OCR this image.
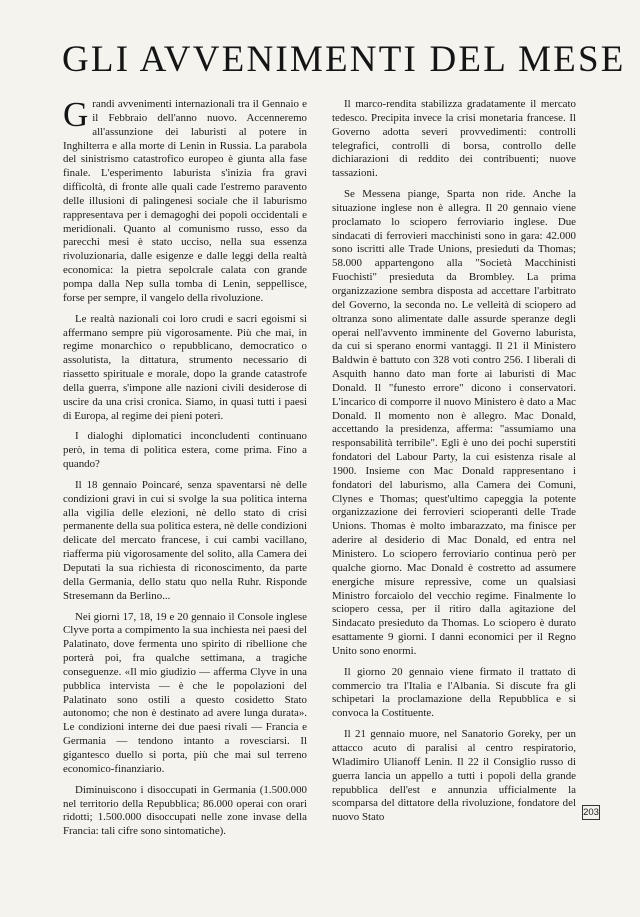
GLI AVVENIMENTI DEL MESE

Grandi avvenimenti internazionali tra il Gennaio e il Febbraio dell'anno nuovo. Accenneremo all'assunzione dei laburisti al potere in Inghilterra e alla morte di Lenin in Russia. La parabola del sinistrismo catastrofico europeo è giunta alla fase finale. L'esperimento laburista s'inizia fra gravi difficoltà, di fronte alle quali cade l'estremo paravento delle illusioni di palingenesi sociale che il laburismo rappresentava per i demagoghi dei popoli occidentali e meridionali. Quanto al comunismo russo, esso da parecchi mesi è stato ucciso, nella sua essenza rivoluzionaria, dalle esigenze e dalle leggi della realtà economica: la pietra sepolcrale calata con grande pompa dalla Nep sulla tomba di Lenin, seppellisce, forse per sempre, il vangelo della rivoluzione.

Le realtà nazionali coi loro crudi e sacri egoismi si affermano sempre più vigorosamente. Più che mai, in regime monarchico o repubblicano, democratico o assolutista, la dittatura, strumento necessario di riassetto spirituale e morale, dopo la grande catastrofe della guerra, s'impone alle nazioni civili desiderose di uscire da una crisi cronica. Siamo, in quasi tutti i paesi di Europa, al regime dei pieni poteri.

I dialoghi diplomatici inconcludenti continuano però, in tema di politica estera, come prima. Fino a quando?

Il 18 gennaio Poincaré, senza spaventarsi nè delle condizioni gravi in cui si svolge la sua politica interna alla vigilia delle elezioni, nè dello stato di crisi permanente della sua politica estera, nè delle condizioni delicate del mercato francese, i cui cambi vacillano, riafferma più vigorosamente del solito, alla Camera dei Deputati la sua richiesta di riconoscimento, da parte della Germania, dello statu quo nella Ruhr. Risponde Stresemann da Berlino...

Nei giorni 17, 18, 19 e 20 gennaio il Console inglese Clyve porta a compimento la sua inchiesta nei paesi del Palatinato, dove fermenta uno spirito di ribellione che porterà poi, fra qualche settimana, a tragiche conseguenze. «Il mio giudizio — afferma Clyve in una pubblica intervista — è che le popolazioni del Palatinato sono ostili a questo cosidetto Stato autonomo; che non è destinato ad avere lunga durata». Le condizioni interne dei due paesi rivali — Francia e Germania — tendono intanto a rovesciarsi. Il gigantesco duello si porta, più che mai sul terreno economico-finanziario.

Diminuiscono i disoccupati in Germania (1.500.000 nel territorio della Repubblica; 86.000 operai con orari ridotti; 1.500.000 disoccupati nelle zone invase della Francia: tali cifre sono sintomatiche).

Il marco-rendita stabilizza gradatamente il mercato tedesco. Precipita invece la crisi monetaria francese. Il Governo adotta severi provvedimenti: controlli telegrafici, controlli di borsa, controllo delle dichiarazioni di reddito dei contribuenti; nuove tassazioni.

Se Messena piange, Sparta non ride. Anche la situazione inglese non è allegra. Il 20 gennaio viene proclamato lo sciopero ferroviario inglese. Due sindacati di ferrovieri macchinisti sono in gara: 42.000 sono iscritti alle Trade Unions, presieduti da Thomas; 58.000 appartengono alla "Società Macchinisti Fuochisti" presieduta da Brombley. La prima organizzazione sembra disposta ad accettare l'arbitrato del Governo, la seconda no. Le velleità di sciopero ad oltranza sono alimentate dalle assurde speranze degli operai nell'avvento imminente del Governo laburista, da cui si sperano enormi vantaggi. Il 21 il Ministero Baldwin è battuto con 328 voti contro 256. I liberali di Asquith hanno dato man forte ai laburisti di Mac Donald. Il "funesto errore" dicono i conservatori. L'incarico di comporre il nuovo Ministero è dato a Mac Donald. Il momento non è allegro. Mac Donald, accettando la presidenza, afferma: "assumiamo una responsabilità terribile". Egli è uno dei pochi superstiti fondatori del Labour Party, la cui esistenza risale al 1900. Insieme con Mac Donald rappresentano i fondatori del laburismo, alla Camera dei Comuni, Clynes e Thomas; quest'ultimo capeggia la potente organizzazione dei ferrovieri scioperanti delle Trade Unions. Thomas è molto imbarazzato, ma finisce per aderire al desiderio di Mac Donald, ed entra nel Ministero. Lo sciopero ferroviario continua però per qualche giorno. Mac Donald è costretto ad assumere energiche misure repressive, come un qualsiasi Ministro forcaiolo del vecchio regime. Finalmente lo sciopero cessa, per il ritiro dalla agitazione del Sindacato presieduto da Thomas. Lo sciopero è durato esattamente 9 giorni. I danni economici per il Regno Unito sono enormi.

Il giorno 20 gennaio viene firmato il trattato di commercio tra l'Italia e l'Albania. Si discute fra gli schipetari la proclamazione della Repubblica e si convoca la Costituente.

Il 21 gennaio muore, nel Sanatorio Goreky, per un attacco acuto di paralisi al centro respiratorio, Wladimiro Ulianoff Lenin. Il 22 il Consiglio russo di guerra lancia un appello a tutti i popoli della grande repubblica dell'est e annunzia ufficialmente la scomparsa del dittatore della rivoluzione, fondatore del nuovo Stato	203
